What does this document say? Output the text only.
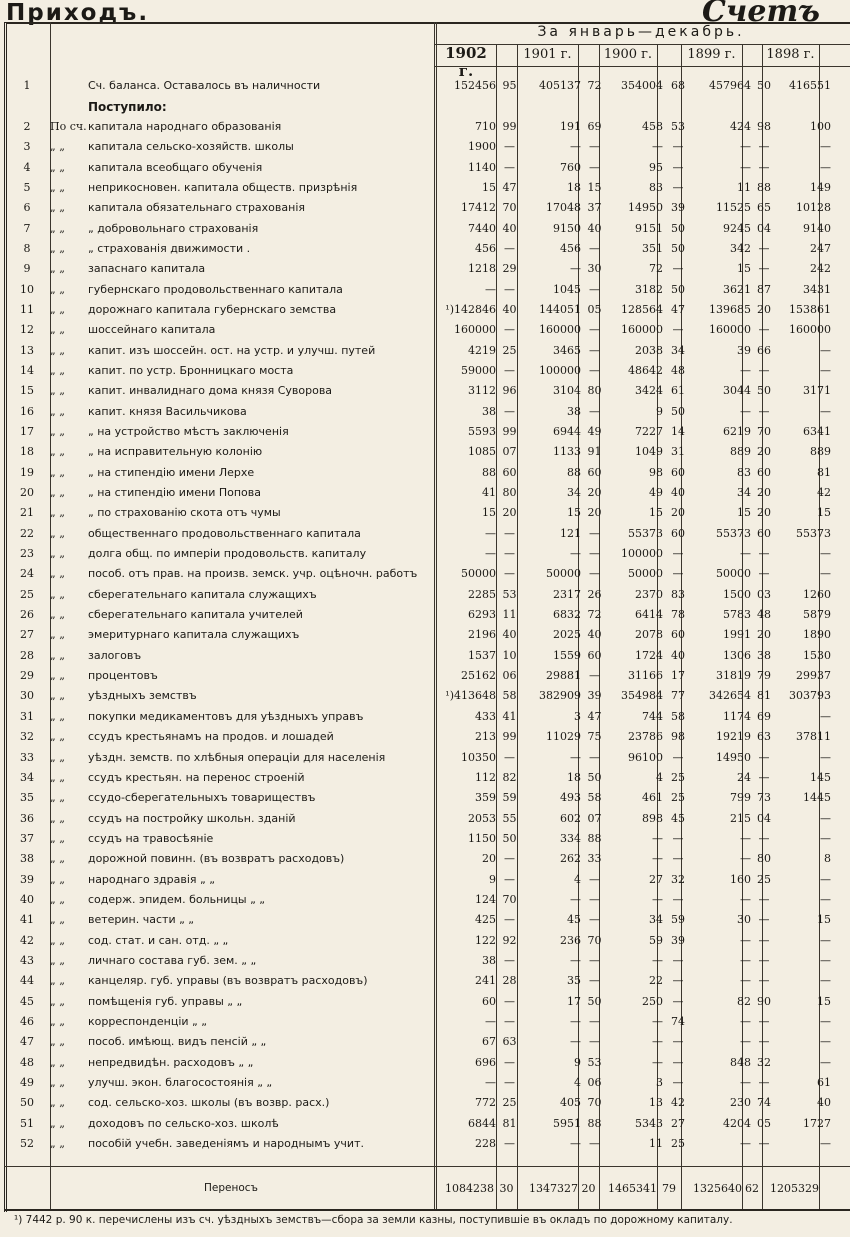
Приходъ.	Счетъ
За январь—декабрь.
1902 г.
1901 г.	1900 г.	1899 г.	1898 г.
1		Сч. баланса. Оставалось въ наличности	152456	95	405137	72	354004	68	457964	50	416551	
		Поступило:										
2	По сч.	капитала народнаго образованія	710	99	191	69	458	53	424	98	100	
3	„ „	капитала сельско-хозяйств. школы	1900	—	—	—	—	—	—	—	—	
4	„ „	капитала всеобщаго обученія	1140	—	760	—	95	—	—	—	—	
5	„ „	неприкосновен. капитала обществ. призрѣнія	15	47	18	15	83	—	11	88	149	
6	„ „	капитала обязательнаго страхованія	17412	70	17048	37	14950	39	11525	65	10128	
7	„ „	„ добровольнаго страхованія	7440	40	9150	40	9151	50	9245	04	9140	
8	„ „	„ страхованія движимости .	456	—	456	—	351	50	342	—	247	
9	„ „	запаснаго капитала	1218	29	—	30	72	—	15	—	242	
10	„ „	губернскаго продовольственнаго капитала	—	—	1045	—	3182	50	3621	87	3431	
11	„ „	дорожнаго капитала губернскаго земства	¹)142846	40	144051	05	128564	47	139685	20	153861	
12	„ „	шоссейнаго капитала	160000	—	160000	—	160000	—	160000	—	160000	
13	„ „	капит. изъ шоссейн. ост. на устр. и улучш. путей	4219	25	3465	—	2038	34	39	66	—	
14	„ „	капит. по устр. Бронницкаго моста	59000	—	100000	—	48642	48	—	—	—	
15	„ „	капит. инвалиднаго дома князя Суворова	3112	96	3104	80	3424	61	3044	50	3171	
16	„ „	капит. князя Васильчикова	38	—	38	—	9	50	—	—	—	
17	„ „	„ на устройство мѣстъ заключенія	5593	99	6944	49	7227	14	6219	70	6341	
18	„ „	„ на исправительную колонію	1085	07	1133	91	1049	31	889	20	889	
19	„ „	„ на стипендію имени Лерхе	88	60	88	60	98	60	83	60	81	
20	„ „	„ на стипендію имени Попова	41	80	34	20	49	40	34	20	42	
21	„ „	„ по страхованію скота отъ чумы	15	20	15	20	15	20	15	20	15	
22	„ „	общественнаго продовольственнаго капитала	—	—	121	—	55373	60	55373	60	55373	
23	„ „	долга общ. по имперіи продовольств. капиталу	—	—	—	—	100000	—	—	—	—	
24	„ „	пособ. отъ прав. на произв. земск. учр. оцѣночн. работъ	50000	—	50000	—	50000	—	50000	—	—	
25	„ „	сберегательнаго капитала служащихъ	2285	53	2317	26	2370	83	1500	03	1260	
26	„ „	сберегательнаго капитала учителей	6293	11	6832	72	6414	78	5783	48	5879	
27	„ „	эмеритурнаго капитала служащихъ	2196	40	2025	40	2078	60	1991	20	1890	
28	„ „	залоговъ	1537	10	1559	60	1724	40	1306	38	1530	
29	„ „	процентовъ	25162	06	29881	—	31166	17	31819	79	29937	
30	„ „	уѣздныхъ земствъ	¹)413648	58	382909	39	354984	77	342654	81	303793	
31	„ „	покупки медикаментовъ для уѣздныхъ управъ	433	41	3	47	744	58	1174	69	—	
32	„ „	ссудъ крестьянамъ на продов. и лошадей	213	99	11029	75	23786	98	19219	63	37811	
33	„ „	уѣздн. земств. по хлѣбныя операціи для населенія	10350	—	—	—	96100	—	14950	—	—	
34	„ „	ссудъ крестьян. на перенос строеній	112	82	18	50	4	25	24	—	145	
35	„ „	ссудо-сберегательныхъ товариществъ	359	59	493	58	461	25	799	73	1445	
36	„ „	ссудъ на постройку школьн. зданій	2053	55	602	07	898	45	215	04	—	
37	„ „	ссудъ на травосѣяніе	1150	50	334	88	—	—	—	—	—	
38	„ „	дорожной повинн. (въ возвратъ расходовъ)	20	—	262	33	—	—	—	80	8	
39	„ „	народнаго здравія „ „	9	—	4	—	27	32	160	25	—	
40	„ „	содерж. эпидем. больницы „ „	124	70	—	—	—	—	—	—	—	
41	„ „	ветерин. части „ „	425	—	45	—	34	59	30	—	15	
42	„ „	сод. стат. и сан. отд. „ „	122	92	236	70	59	39	—	—	—	
43	„ „	личнаго состава губ. зем. „ „	38	—	—	—	—	—	—	—	—	
44	„ „	канцеляр. губ. управы (въ возвратъ расходовъ)	241	28	35	—	22	—	—	—	—	
45	„ „	помѣщенія губ. управы „ „	60	—	17	50	250	—	82	90	15	
46	„ „	корреспонденціи „ „	—	—	—	—	—	74	—	—	—	
47	„ „	пособ. имѣющ. видъ пенсій „ „	67	63	—	—	—	—	—	—	—	
48	„ „	непредвидѣн. расходовъ „ „	696	—	9	53	—	—	848	32	—	
49	„ „	улучш. экон. благосостоянія „ „	—	—	4	06	3	—	—	—	61	
50	„ „	сод. сельско-хоз. школы (въ возвр. расх.)	772	25	405	70	13	42	230	74	40	
51	„ „	доходовъ по сельско-хоз. школѣ	6844	81	5951	88	5343	27	4204	05	1727	
52	„ „	пособій учебн. заведеніямъ и народнымъ учит.	228	—	—	—	11	25	—	—	—	
Переносъ	1084238 30	1347327 20	1465341 79	1325640 62	1205329
¹) 7442 р. 90 к. перечислены изъ сч. уѣздныхъ земствъ—сбора за земли казны, поступившіе въ окладъ по дорожному капиталу.
